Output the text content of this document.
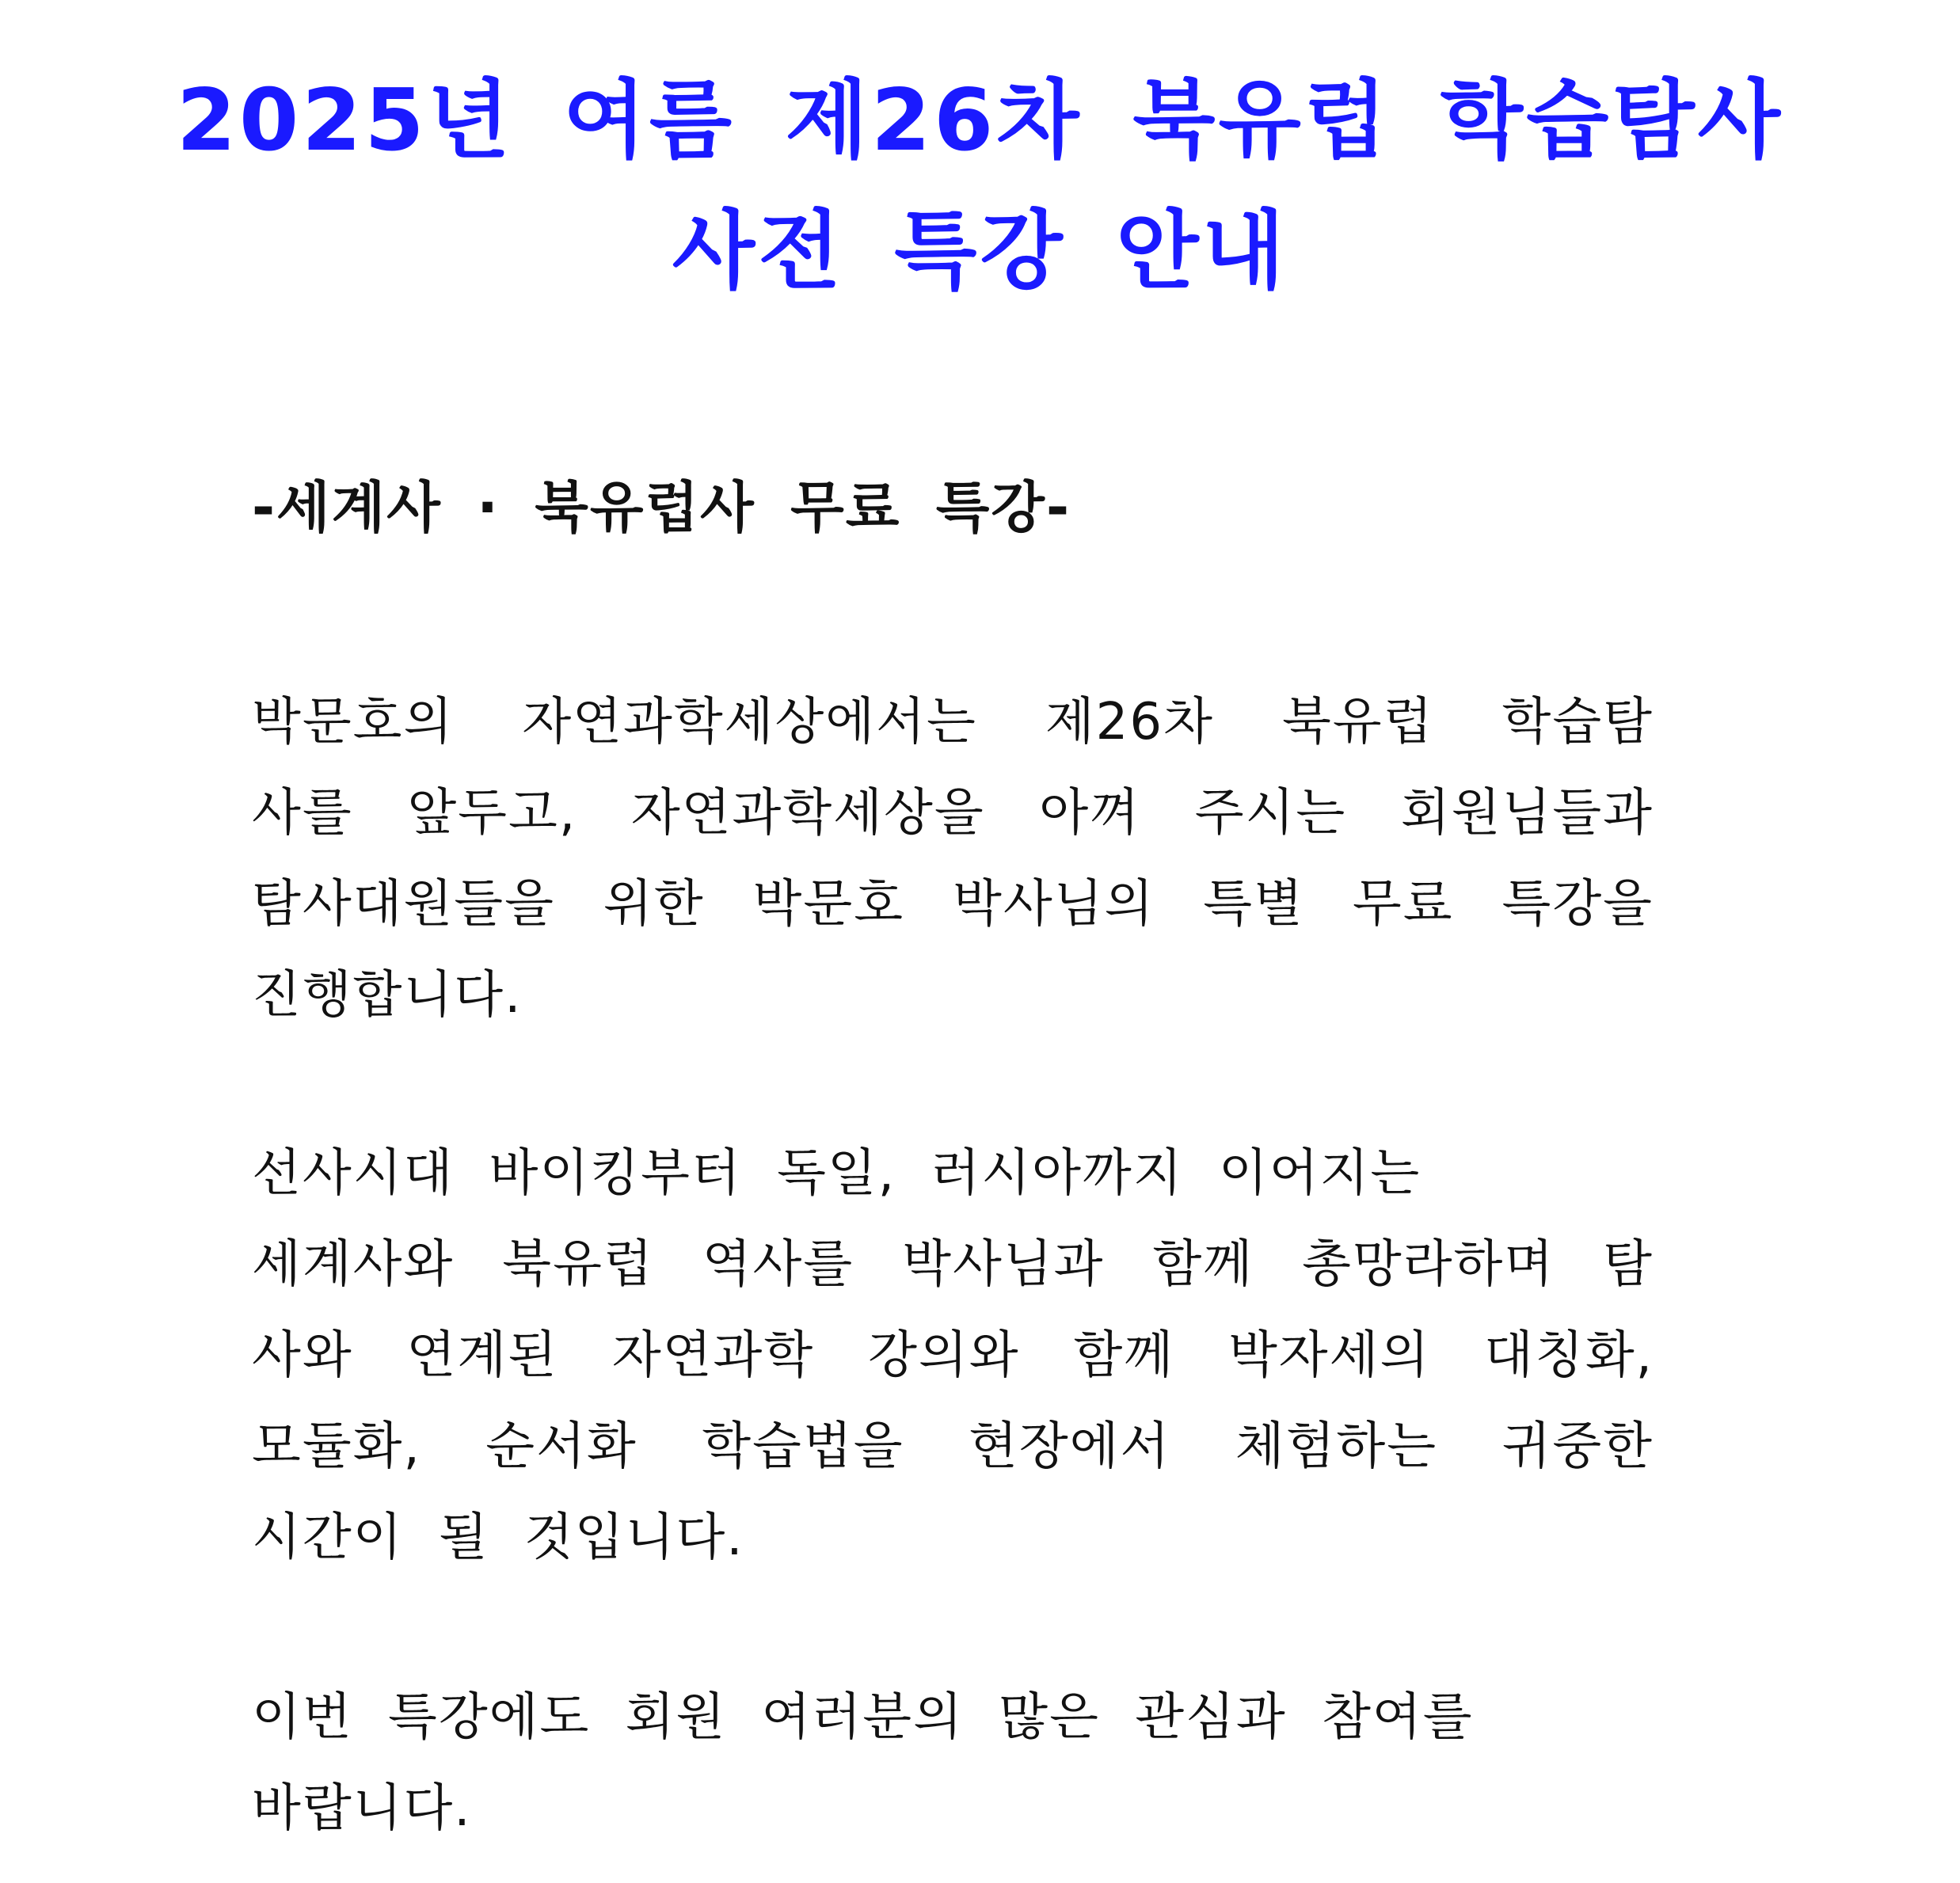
2025년 여름 제26차 북유럽 학습탐사
사전 특강 안내
-세계사 · 북유럽사 무료 특강-
박문호의 자연과학세상에서는 제26차 북유럽 학습탐
사를 앞두고, 자연과학세상을 아껴 주시는 회원님들과
탐사대원들을 위한 박문호 박사님의 특별 무료 특강을
진행합니다.
선사시대 바이킹부터 독일, 러시아까지 이어지는
세계사와 북유럽 역사를 박사님과 함께 총망라하며 탐
사와 연계된 자연과학 강의와 함께 박자세의 대칭화,
모듈화, 순서화 학습법을 현장에서 체험하는 귀중한
시간이 될 것입니다.
이번 특강에도 회원 여러분의 많은 관심과 참여를
바랍니다.
